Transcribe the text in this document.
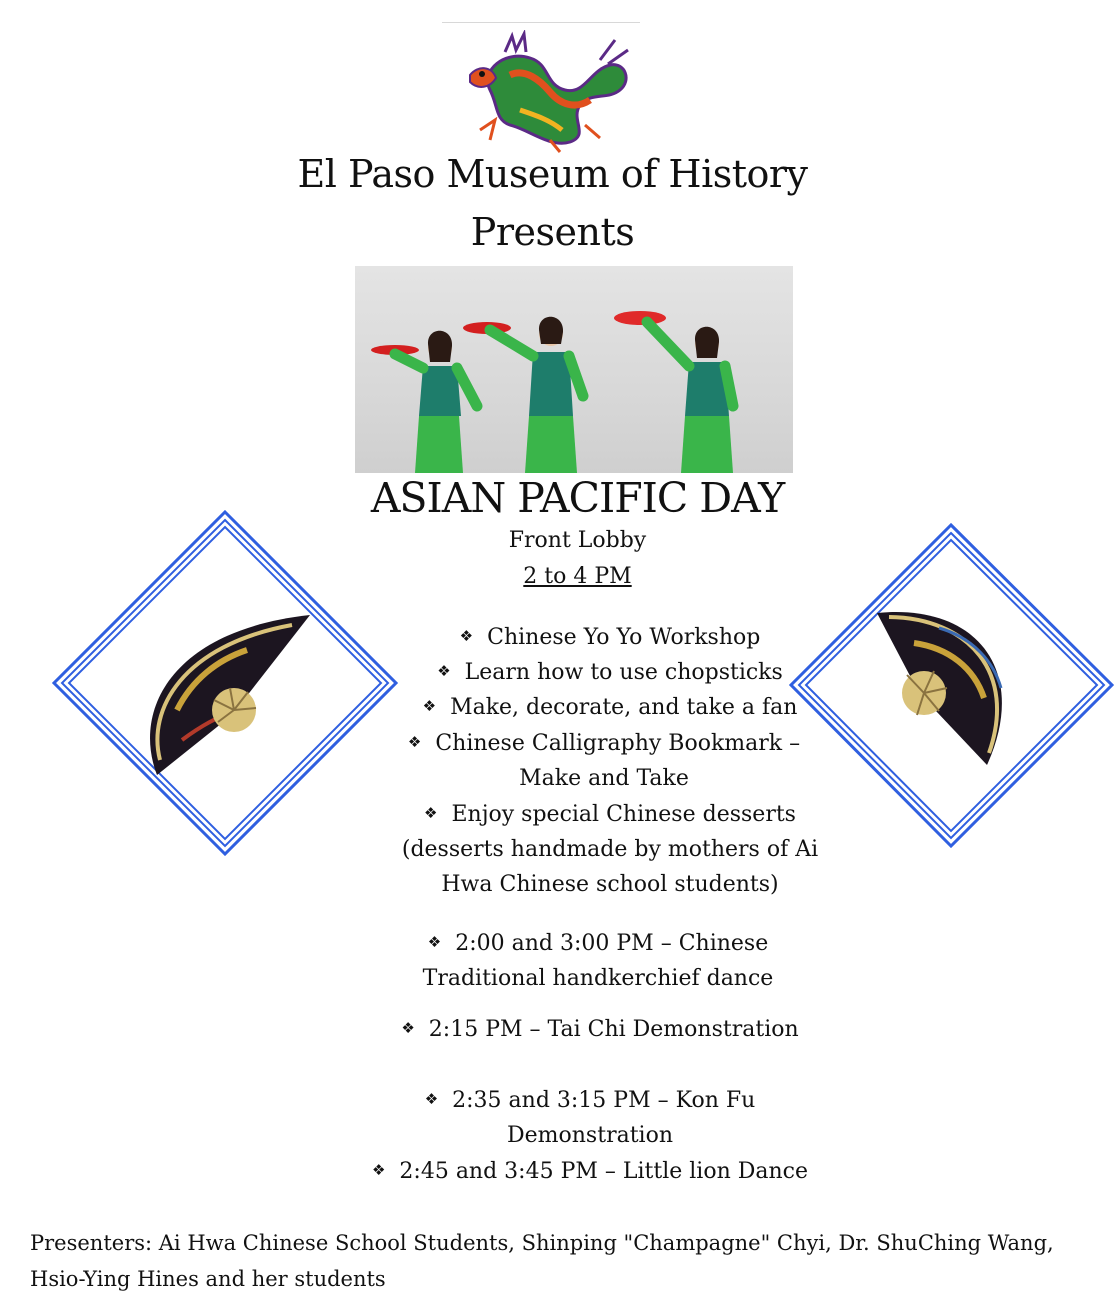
El Paso Museum of History
Presents
ASIAN PACIFIC DAY
Front Lobby
2 to 4 PM
❖ Chinese Yo Yo Workshop
❖ Learn how to use chopsticks
❖ Make, decorate, and take a fan
❖ Chinese Calligraphy Bookmark – Make and Take
❖ Enjoy special Chinese desserts (desserts handmade by mothers of Ai Hwa Chinese school students)
❖ 2:00 and 3:00 PM – Chinese Traditional handkerchief dance
❖ 2:15 PM – Tai Chi Demonstration
❖ 2:35 and 3:15 PM – Kon Fu Demonstration
❖ 2:45 and 3:45 PM – Little lion Dance
Presenters: Ai Hwa Chinese School Students, Shinping "Champagne" Chyi, Dr. ShuChing Wang, Hsio-Ying Hines and her students
